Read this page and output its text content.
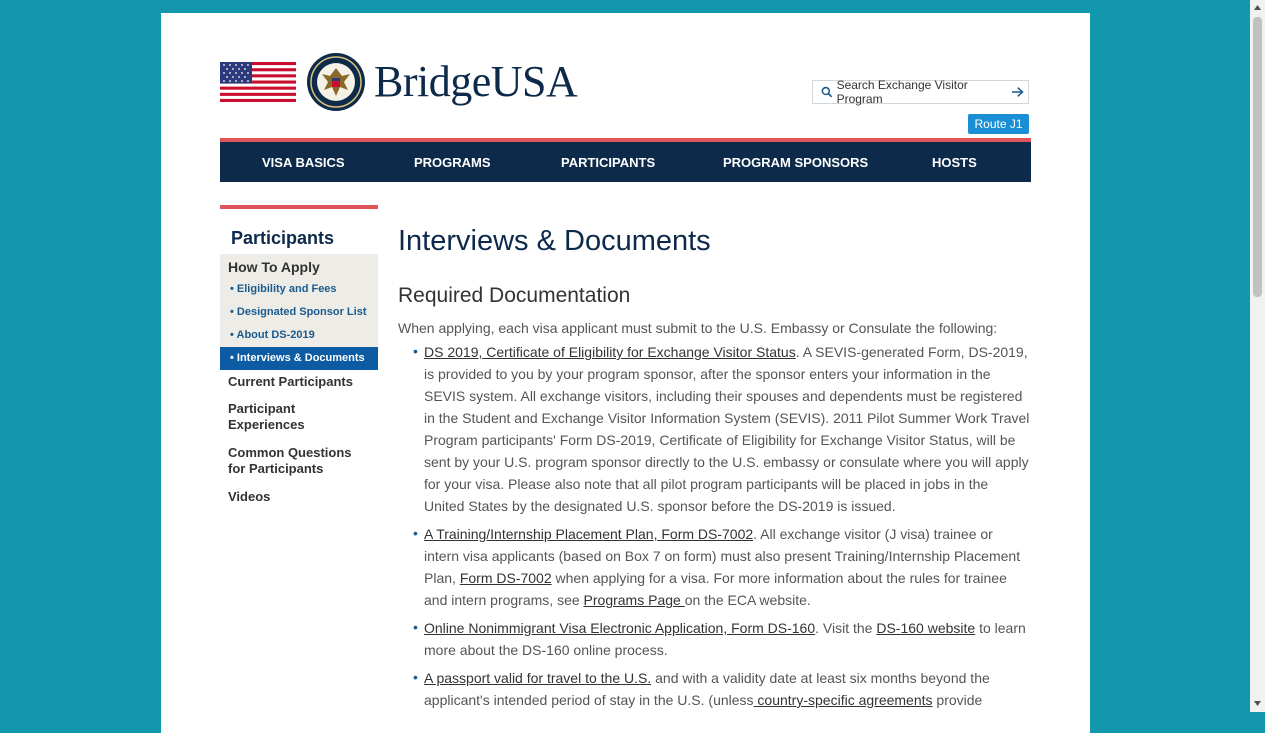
BridgeUSA	Search Exchange Visitor Program
Route J1
VISA BASICS	PROGRAMS	PARTICIPANTS	PROGRAM SPONSORS	HOSTS
Participants
How To Apply
• Eligibility and Fees
• Designated Sponsor List
• About DS-2019
• Interviews & Documents
Current Participants
Participant Experiences
Common Questions for Participants
Videos
Interviews & Documents
Required Documentation

When applying, each visa applicant must submit to the U.S. Embassy or Consulate the following:

• DS 2019, Certificate of Eligibility for Exchange Visitor Status. A SEVIS-generated Form, DS-2019, is provided to you by your program sponsor, after the sponsor enters your information in the SEVIS system. All exchange visitors, including their spouses and dependents must be registered in the Student and Exchange Visitor Information System (SEVIS). 2011 Pilot Summer Work Travel Program participants' Form DS-2019, Certificate of Eligibility for Exchange Visitor Status, will be sent by your U.S. program sponsor directly to the U.S. embassy or consulate where you will apply for your visa. Please also note that all pilot program participants will be placed in jobs in the United States by the designated U.S. sponsor before the DS-2019 is issued.
• A Training/Internship Placement Plan, Form DS-7002. All exchange visitor (J visa) trainee or intern visa applicants (based on Box 7 on form) must also present Training/Internship Placement Plan, Form DS-7002 when applying for a visa. For more information about the rules for trainee and intern programs, see Programs Page on the ECA website.
• Online Nonimmigrant Visa Electronic Application, Form DS-160. Visit the DS-160 website to learn more about the DS-160 online process.
• A passport valid for travel to the U.S. and with a validity date at least six months beyond the applicant's intended period of stay in the U.S. (unless country-specific agreements provide
